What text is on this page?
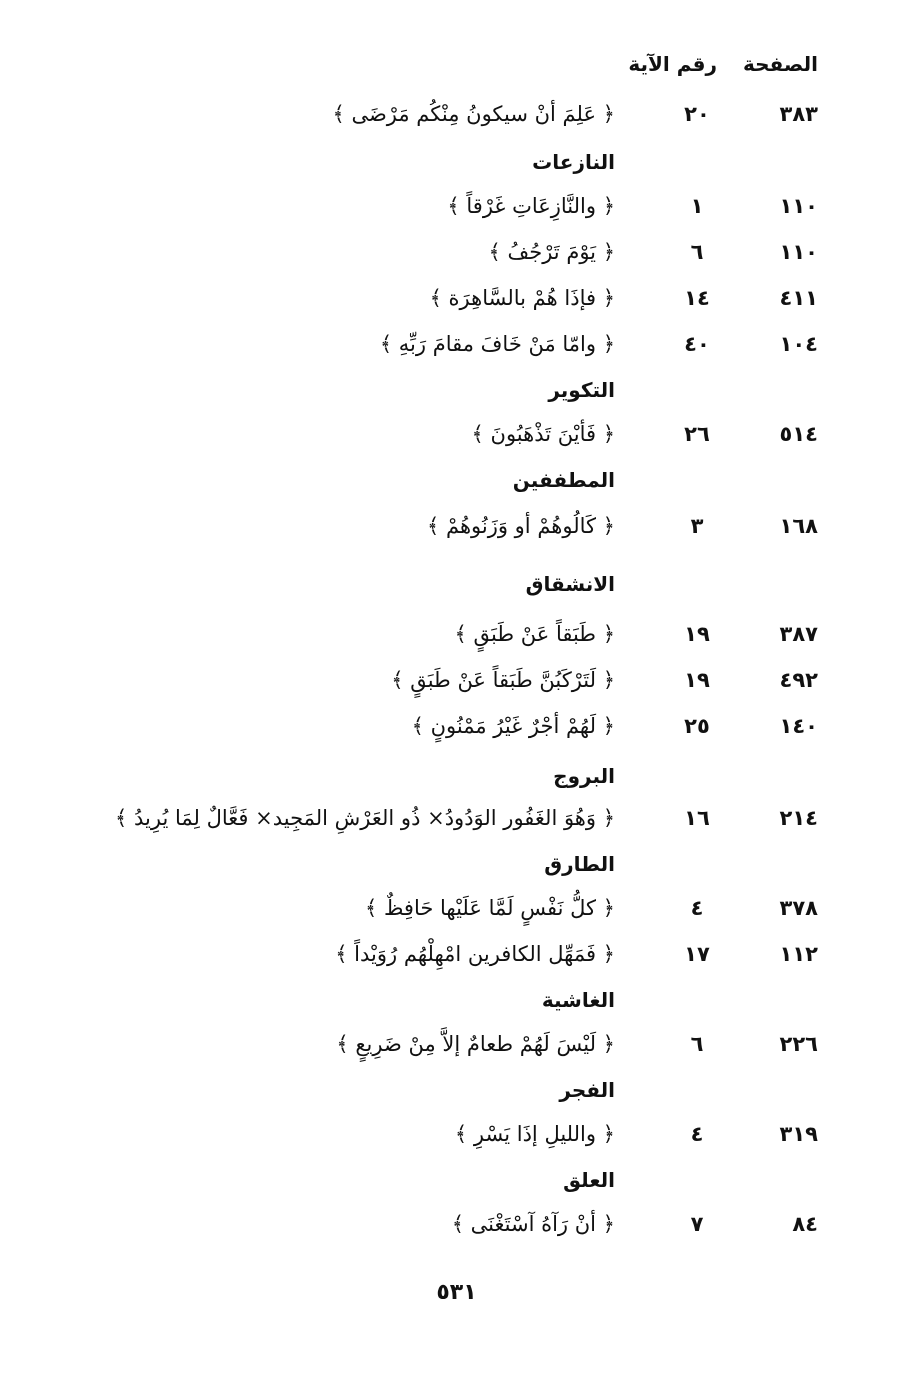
الصفحة
رقم الآية
٣٨٣
٢٠
﴿ عَلِمَ أنْ سيكونُ مِنْكُم مَرْضَى ﴾
النازعات
١١٠
١
﴿ والنَّازِعَاتِ غَرْقاً ﴾
١١٠
٦
﴿ يَوْمَ تَرْجُفُ ﴾
٤١١
١٤
﴿ فإذَا هُمْ بالسَّاهِرَة ﴾
١٠٤
٤٠
﴿ وامّا مَنْ خَافَ مقامَ رَبِّهِ ﴾
التكوير
٥١٤
٢٦
﴿ فَأيْنَ تَذْهَبُونَ ﴾
المطففين
١٦٨
٣
﴿ كَالُوهُمْ أو وَزَنُوهُمْ ﴾
الانشقاق
٣٨٧
١٩
﴿ طَبَقاً عَنْ طَبَقٍ ﴾
٤٩٢
١٩
﴿ لَتَرْكَبُنَّ طَبَقاً عَنْ طَبَقٍ ﴾
١٤٠
٢٥
﴿ لَهُمْ أجْرٌ غَيْرُ مَمْنُونٍ ﴾
البروج
٢١٤
١٦
﴿ وَهُوَ الغَفُور الوَدُودُ× ذُو العَرْشِ المَجِيد× فَعَّالٌ لِمَا يُرِيدُ ﴾
الطارق
٣٧٨
٤
﴿ كلُّ نَفْسٍ لَمَّا عَلَيْها حَافِظٌ ﴾
١١٢
١٧
﴿ فَمَهِّل الكافرين امْهِلْهُم رُوَيْداً ﴾
الغاشية
٢٢٦
٦
﴿ لَيْسَ لَهُمْ طعامٌ إلاَّ مِنْ ضَرِيعٍ ﴾
الفجر
٣١٩
٤
﴿ والليلِ إذَا يَسْرِ ﴾
العلق
٨٤
٧
﴿ أنْ رَآهُ آسْتَغْنَى ﴾
٥٣١
